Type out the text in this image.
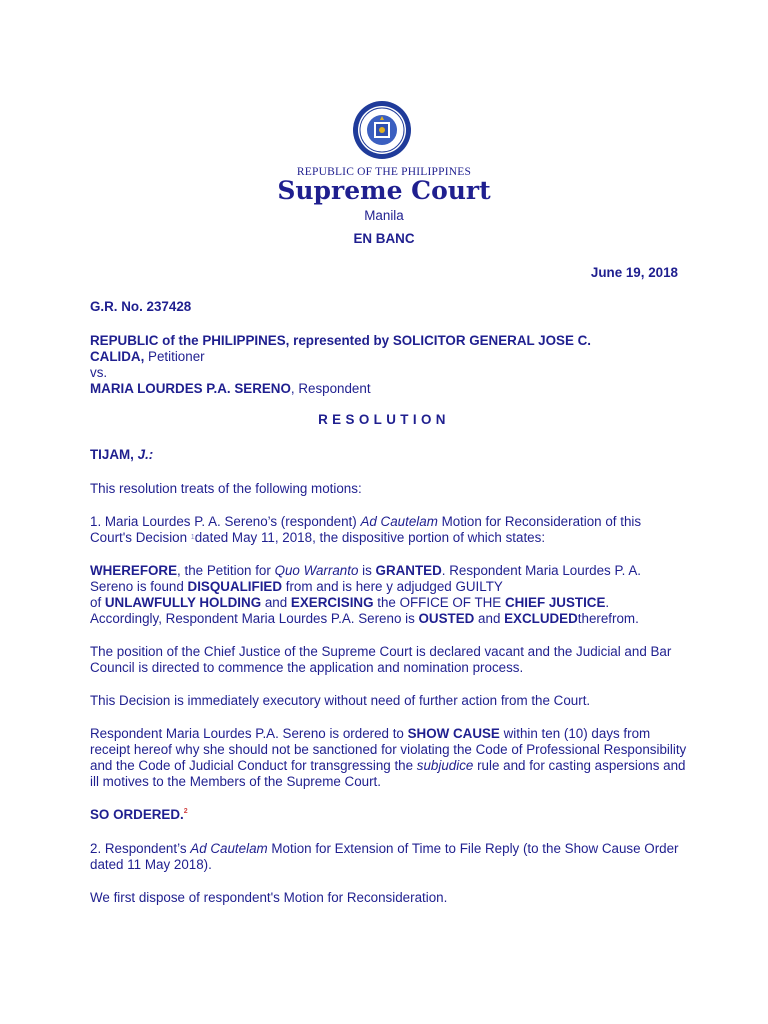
REPUBLIC OF THE PHILIPPINES
Supreme Court
Manila
EN BANC
June 19, 2018
G.R. No. 237428
REPUBLIC of the PHILIPPINES, represented by SOLICITOR GENERAL JOSE C.
CALIDA, Petitioner
vs.
MARIA LOURDES P.A. SERENO, Respondent
RESOLUTION
TIJAM, J.:
This resolution treats of the following motions:
1. Maria Lourdes P. A. Sereno’s (respondent) Ad Cautelam Motion for Reconsideration of this
Court's Decision $^1$dated May 11, 2018, the dispositive portion of which states:
WHEREFORE, the Petition for Quo Warranto is GRANTED. Respondent Maria Lourdes P. A.
Sereno is found DISQUALIFIED from and is here y adjudged GUILTY
of UNLAWFULLY HOLDING and EXERCISING the OFFICE OF THE CHIEF JUSTICE.
Accordingly, Respondent Maria Lourdes P.A. Sereno is OUSTED and EXCLUDEDtherefrom.
The position of the Chief Justice of the Supreme Court is declared vacant and the Judicial and Bar
Council is directed to commence the application and nomination process.
This Decision is immediately executory without need of further action from the Court.
Respondent Maria Lourdes P.A. Sereno is ordered to SHOW CAUSE within ten (10) days from
receipt hereof why she should not be sanctioned for violating the Code of Professional Responsibility
and the Code of Judicial Conduct for transgressing the subjudice rule and for casting aspersions and
ill motives to the Members of the Supreme Court.
SO ORDERED.$^2$
2. Respondent’s Ad Cautelam Motion for Extension of Time to File Reply (to the Show Cause Order
dated 11 May 2018).
We first dispose of respondent's Motion for Reconsideration.
